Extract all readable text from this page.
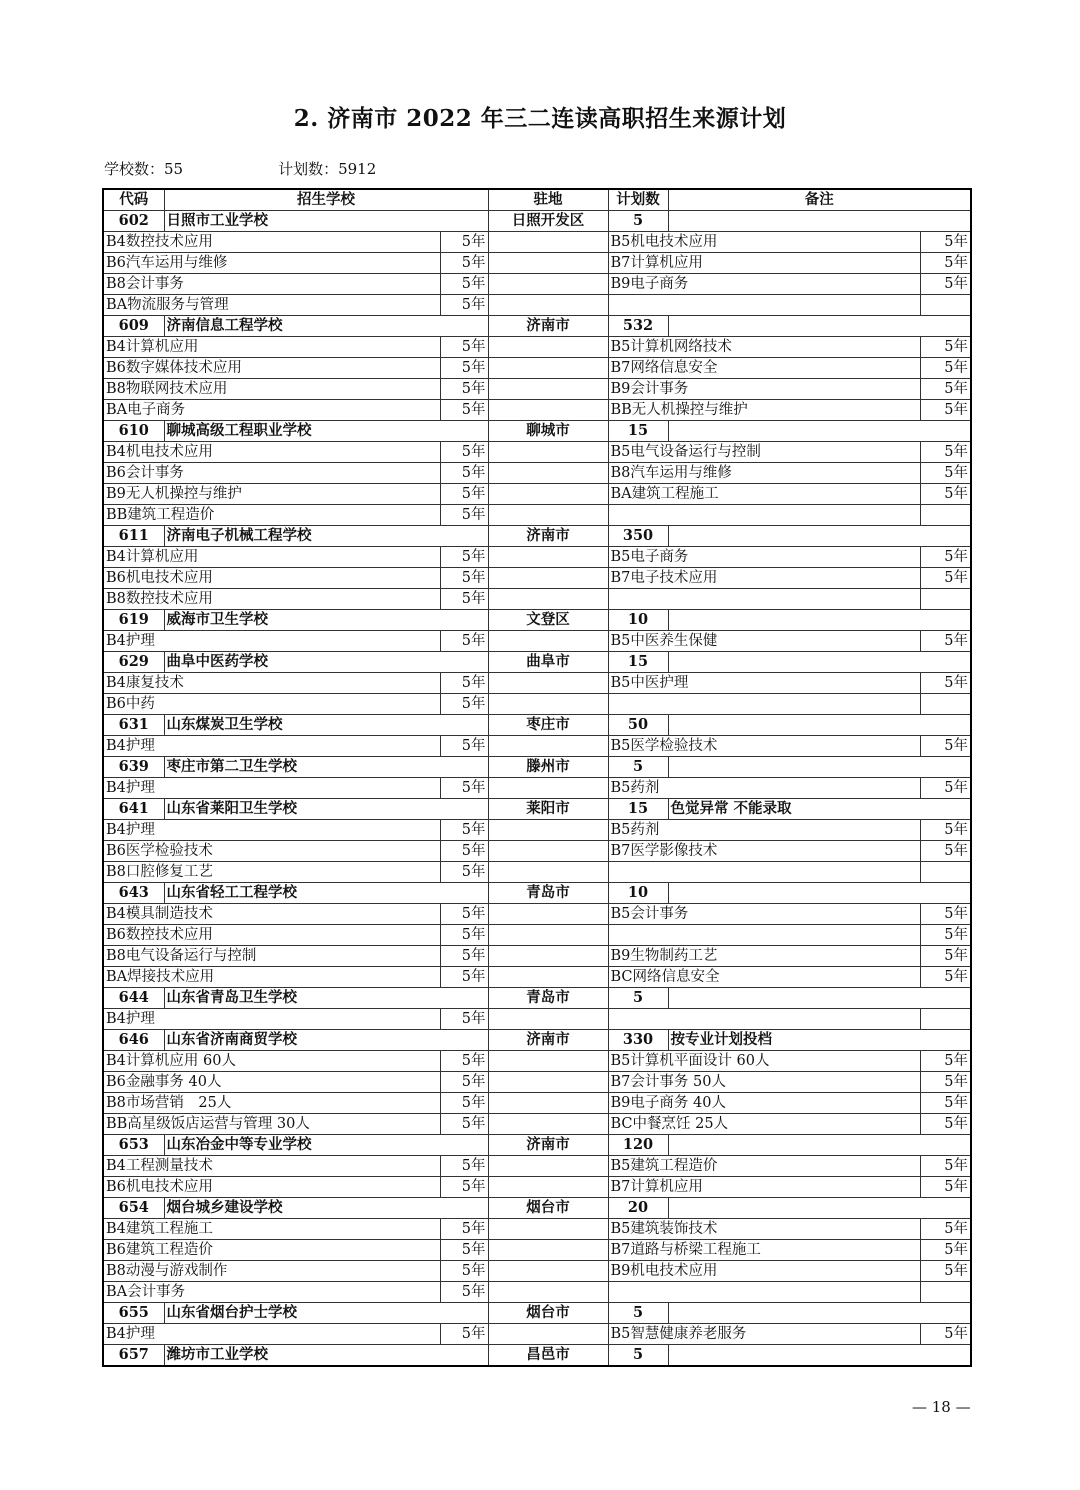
2. 济南市 2022 年三二连读高职招生来源计划
学校数：55	计划数：5912
代码	招生学校		驻地	计划数	备注	
602	日照市工业学校		日照开发区	5		
B4数控技术应用		5年		B5机电技术应用		5年
B6汽车运用与维修		5年		B7计算机应用		5年
B8会计事务		5年		B9电子商务		5年
BA物流服务与管理		5年				
609	济南信息工程学校		济南市	532		
B4计算机应用		5年		B5计算机网络技术		5年
B6数字媒体技术应用		5年		B7网络信息安全		5年
B8物联网技术应用		5年		B9会计事务		5年
BA电子商务		5年		BB无人机操控与维护		5年
610	聊城高级工程职业学校		聊城市	15		
B4机电技术应用		5年		B5电气设备运行与控制		5年
B6会计事务		5年		B8汽车运用与维修		5年
B9无人机操控与维护		5年		BA建筑工程施工		5年
BB建筑工程造价		5年				
611	济南电子机械工程学校		济南市	350		
B4计算机应用		5年		B5电子商务		5年
B6机电技术应用		5年		B7电子技术应用		5年
B8数控技术应用		5年				
619	威海市卫生学校		文登区	10		
B4护理		5年		B5中医养生保健		5年
629	曲阜中医药学校		曲阜市	15		
B4康复技术		5年		B5中医护理		5年
B6中药		5年				
631	山东煤炭卫生学校		枣庄市	50		
B4护理		5年		B5医学检验技术		5年
639	枣庄市第二卫生学校		滕州市	5		
B4护理		5年		B5药剂		5年
641	山东省莱阳卫生学校		莱阳市	15	色觉异常 不能录取	
B4护理		5年		B5药剂		5年
B6医学检验技术		5年		B7医学影像技术		5年
B8口腔修复工艺		5年				
643	山东省轻工工程学校		青岛市	10		
B4模具制造技术		5年		B5会计事务		5年
B6数控技术应用		5年				5年
B8电气设备运行与控制		5年		B9生物制药工艺		5年
BA焊接技术应用		5年		BC网络信息安全		5年
644	山东省青岛卫生学校		青岛市	5		
B4护理		5年				
646	山东省济南商贸学校		济南市	330	按专业计划投档	
B4计算机应用 60人		5年		B5计算机平面设计 60人		5年
B6金融事务 40人		5年		B7会计事务 50人		5年
B8市场营销　25人		5年		B9电子商务 40人		5年
BB高星级饭店运营与管理 30人		5年		BC中餐烹饪 25人		5年
653	山东冶金中等专业学校		济南市	120		
B4工程测量技术		5年		B5建筑工程造价		5年
B6机电技术应用		5年		B7计算机应用		5年
654	烟台城乡建设学校		烟台市	20		
B4建筑工程施工		5年		B5建筑装饰技术		5年
B6建筑工程造价		5年		B7道路与桥梁工程施工		5年
B8动漫与游戏制作		5年		B9机电技术应用		5年
BA会计事务		5年				
655	山东省烟台护士学校		烟台市	5		
B4护理		5年		B5智慧健康养老服务		5年
657	潍坊市工业学校		昌邑市	5		
— 18 —
